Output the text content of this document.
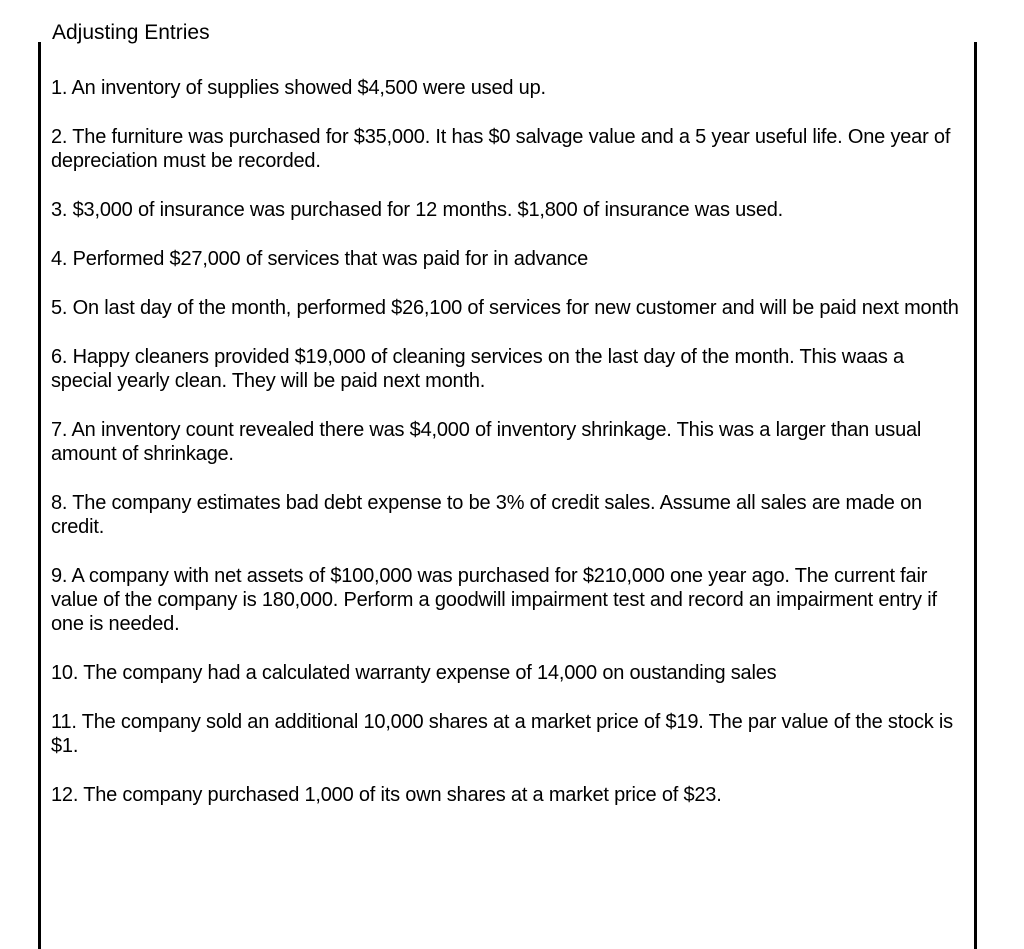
Adjusting Entries

1. An inventory of supplies showed $4,500 were used up.

2. The furniture was purchased for $35,000. It has $0 salvage value and a 5 year useful life. One year of depreciation must be recorded.

3. $3,000 of insurance was purchased for 12 months. $1,800 of insurance was used.

4. Performed $27,000 of services that was paid for in advance

5. On last day of the month, performed $26,100 of services for new customer and will be paid next month

6. Happy cleaners provided $19,000 of cleaning services on the last day of the month. This waas a special yearly clean. They will be paid next month.

7. An inventory count revealed there was $4,000 of inventory shrinkage. This was a larger than usual amount of shrinkage.

8. The company estimates bad debt expense to be 3% of credit sales. Assume all sales are made on credit.

9. A company with net assets of $100,000 was purchased for $210,000 one year ago. The current fair value of the company is 180,000. Perform a goodwill impairment test and record an impairment entry if one is needed.

10. The company had a calculated warranty expense of 14,000 on oustanding sales

11. The company sold an additional 10,000 shares at a market price of $19. The par value of the stock is $1.

12. The company purchased 1,000 of its own shares at a market price of $23.
